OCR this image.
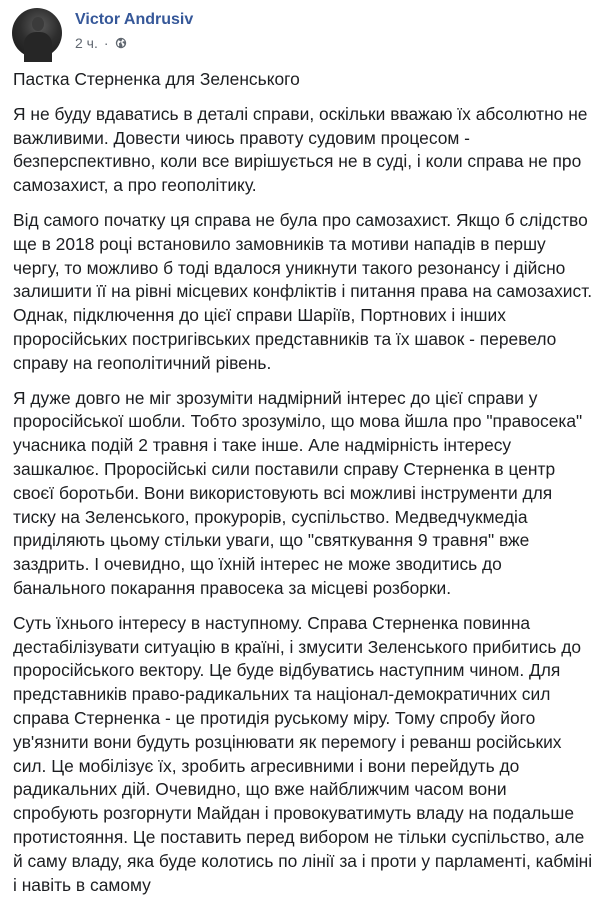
Victor Andrusiv
2 ч. ·

Пастка Стерненка для Зеленського

Я не буду вдаватись в деталі справи, оскільки вважаю їх абсолютно не важливими. Довести чиюсь правоту судовим процесом - безперспективно, коли все вирішується не в суді, і коли справа не про самозахист, а про геополітику.

Від самого початку ця справа не була про самозахист. Якщо б слідство ще в 2018 році встановило замовників та мотиви нападів в першу чергу, то можливо б тоді вдалося уникнути такого резонансу і дійсно залишити її на рівні місцевих конфліктів і питання права на самозахист. Однак, підключення до цієї справи Шаріїв, Портнових і інших проросійських постригівських представників та їх шавок - перевело справу на геополітичний рівень.

Я дуже довго не міг зрозуміти надмірний інтерес до цієї справи у проросійської шобли. Тобто зрозуміло, що мова йшла про "правосека" учасника подій 2 травня і таке інше. Але надмірність інтересу зашкалює. Проросійські сили поставили справу Стерненка в центр своєї боротьби. Вони використовують всі можливі інструменти для тиску на Зеленського, прокурорів, суспільство. Медведчукмедіа приділяють цьому стільки уваги, що "святкування 9 травня" вже заздрить. І очевидно, що їхній інтерес не може зводитись до банального покарання правосека за місцеві розборки.

Суть їхнього інтересу в наступному. Справа Стерненка повинна дестабілізувати ситуацію в країні, і змусити Зеленського прибитись до проросійського вектору. Це буде відбуватись наступним чином. Для представників право-радикальних та націонал-демократичних сил справа Стерненка - це протидія руському міру. Тому спробу його ув'язнити вони будуть розцінювати як перемогу і реванш російських сил. Це мобілізує їх, зробить агресивними і вони перейдуть до радикальних дій. Очевидно, що вже найближчим часом вони спробують розгорнути Майдан і провокуватимуть владу на подальше протистояння. Це поставить перед вибором не тільки суспільство, але й саму владу, яка буде колотись по лінії за і проти у парламенті, кабміні і навіть в самому
